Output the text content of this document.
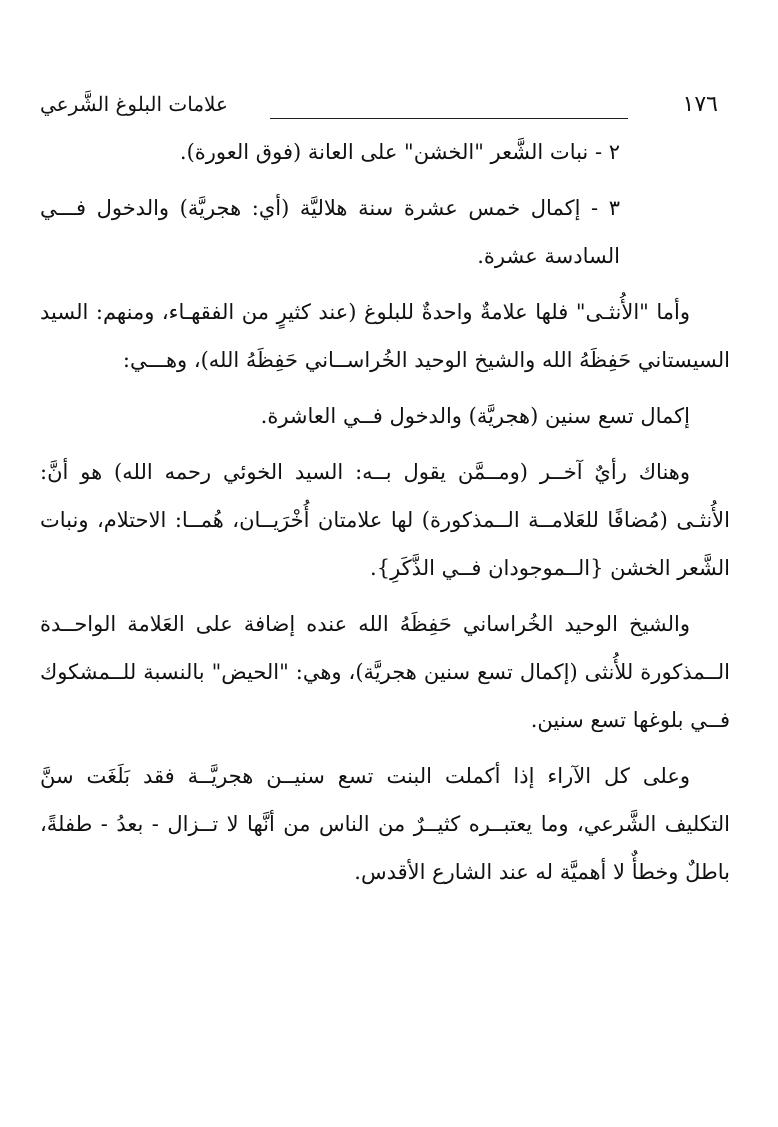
١٧٦
علامات البلوغ الشَّرعي

٢ - نبات الشَّعر "الخشن" على العانة (فوق العورة).

٣ - إكمال خمس عشرة سنة هلاليَّة (أي: هجريَّة) والدخول فـــي السادسة عشرة.

وأما "الأُنثـى" فلها علامةٌ واحدةٌ للبلوغ (عند كثيرٍ من الفقهـاء، ومنهم: السيد السيستاني حَفِظَهُ الله والشيخ الوحيد الخُراســاني حَفِظَهُ الله)، وهـــي:

إكمال تسع سنين (هجريَّة) والدخول فــي العاشرة.

وهناك رأيٌ آخــر (ومــمَّن يقول بــه: السيد الخوئي رحمه الله) هو أنَّ: الأُنثـى (مُضافًا للعَلامــة الــمذكورة) لها علامتان أُخْرَيــان، هُمــا: الاحتلام، ونبات الشَّعر الخشن {الــموجودان فــي الذَّكَرِ}.

والشيخ الوحيد الخُراساني حَفِظَهُ الله عنده إضافة على العَلامة الواحــدة الــمذكورة للأُنثى (إكمال تسع سنين هجريَّة)، وهي: "الحيض" بالنسبة للــمشكوك فــي بلوغها تسع سنين.

وعلى كل الآراء إذا أكملت البنت تسع سنيــن هجريَّــة فقد بَلَغَت سنَّ التكليف الشَّرعي، وما يعتبــره كثيــرٌ من الناس من أنَّها لا تــزال - بعدُ - طفلةً، باطلٌ وخطأٌ لا أهميَّة له عند الشارع الأقدس.
